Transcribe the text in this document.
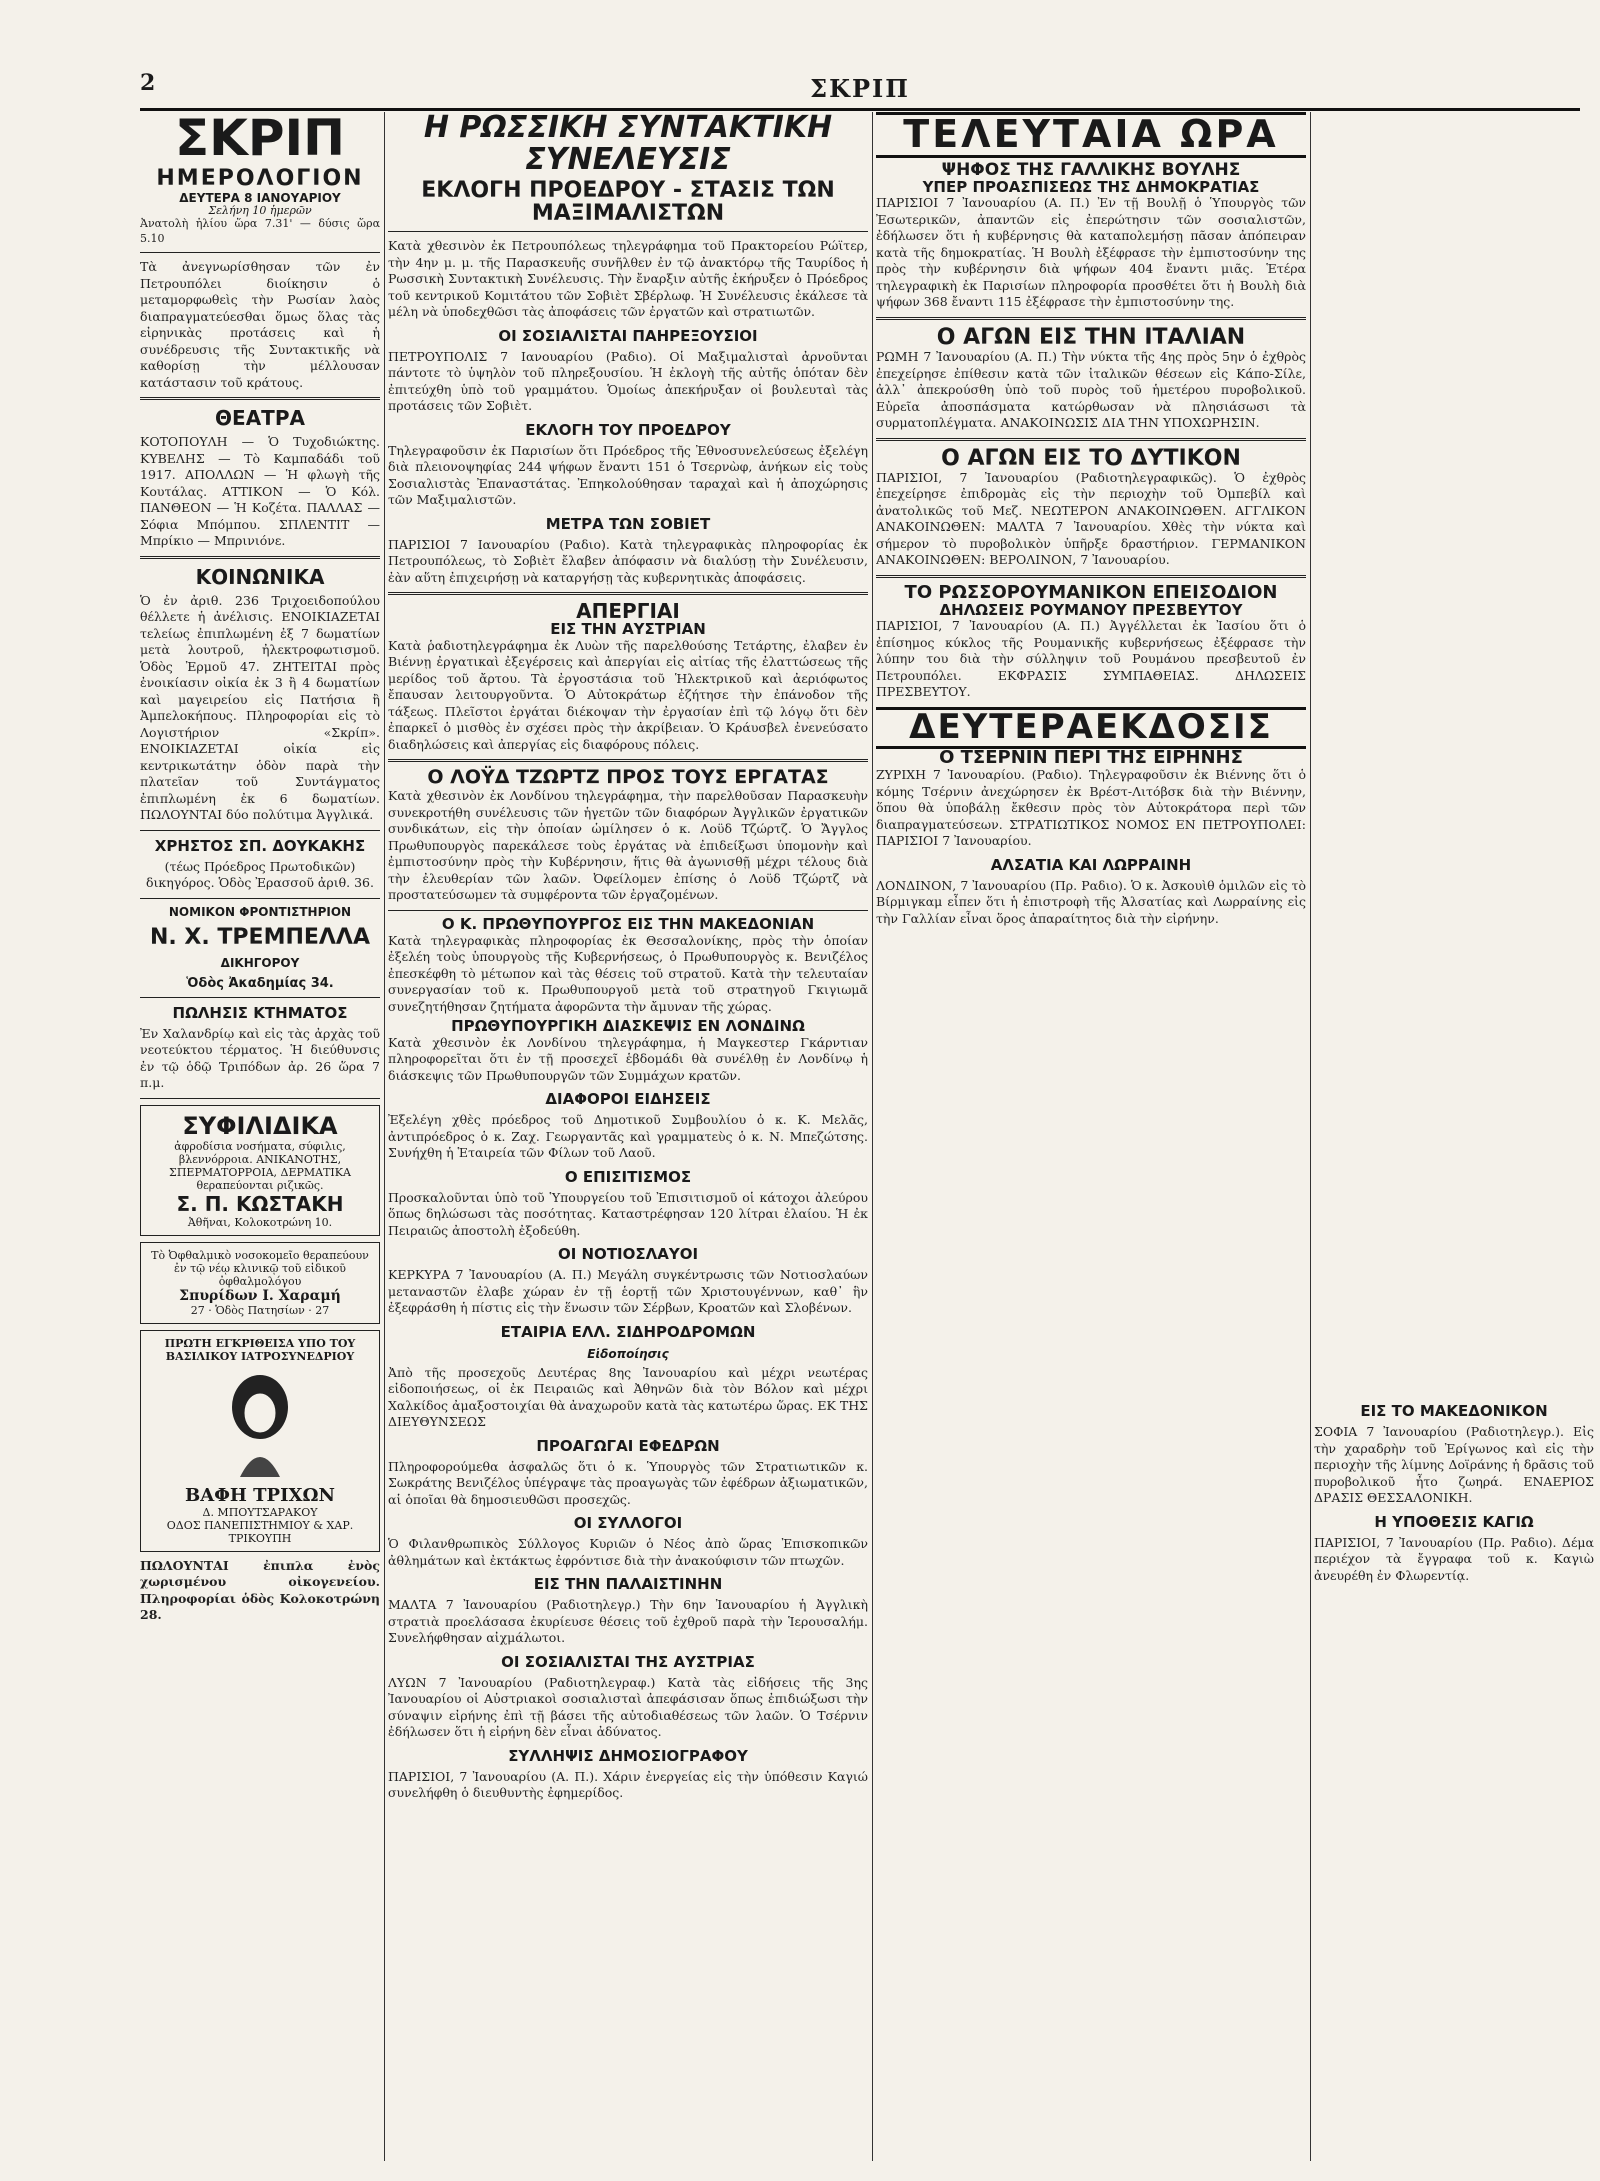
2	ΣΚΡΙΠ
ΣΚΡΙΠ
ΗΜΕΡΟΛΟΓΙΟΝ
ΔΕΥΤΕΡΑ 8 ΙΑΝΟΥΑΡΙΟΥ
Σελήνη 10 ἡμερῶν
Ἀνατολὴ ἡλίου ὥρα 7.31' — δύσις ὥρα 5.10
Τὰ ἀνεγνωρίσθησαν τῶν ἐν Πετρουπόλει διοίκησιν ὁ μεταμορφωθεὶς τὴν Ρωσίαν λαὸς διαπραγματεύεσθαι ὅμως ὅλας τὰς εἰρηνικὰς προτάσεις καὶ ἡ συνέδρευσις τῆς Συντακτικῆς νὰ καθορίσῃ τὴν μέλλουσαν κατάστασιν τοῦ κράτους.
ΘΕΑΤΡΑ
ΚΟΤΟΠΟΥΛΗ — Ὁ Τυχοδιώκτης. ΚΥΒΕΛΗΣ — Τὸ Καμπαδάδι τοῦ 1917. ΑΠΟΛΛΩΝ — Ἡ φλωγὴ τῆς Κουτάλας. ΑΤΤΙΚΟΝ — Ὁ Κόλ. ΠΑΝΘΕΟΝ — Ἡ Κοζέτα. ΠΑΛΛΑΣ — Σόφια Μπόμπου. ΣΠΛΕΝΤΙΤ — Μπρίκιο — Μπρινιόνε.
ΚΟΙΝΩΝΙΚΑ
Ὁ ἐν ἀριθ. 236 Τριχοειδοπούλου θέλλετε ἡ ἀνέλισις. ΕΝΟΙΚΙΑΖΕΤΑΙ τελείως ἐπιπλωμένη ἐξ 7 δωματίων μετὰ λουτροῦ, ἠλεκτροφωτισμοῦ. Ὁδὸς Ἐρμοῦ 47. ΖΗΤΕΙΤΑΙ πρὸς ἐνοικίασιν οἰκία ἐκ 3 ἢ 4 δωματίων καὶ μαγειρείου εἰς Πατήσια ἢ Ἀμπελοκήπους. Πληροφορίαι εἰς τὸ Λογιστήριον «Σκρίπ». ΕΝΟΙΚΙΑΖΕΤΑΙ οἰκία εἰς κεντρικωτάτην ὁδὸν παρὰ τὴν πλατεῖαν τοῦ Συντάγματος ἐπιπλωμένη ἐκ 6 δωματίων. ΠΩΛΟΥΝΤΑΙ δύο πολύτιμα Ἀγγλικά.
ΧΡΗΣΤΟΣ ΣΠ. ΔΟΥΚΑΚΗΣ
(τέως Πρόεδρος Πρωτοδικῶν) δικηγόρος. Ὁδὸς Ἐρασσοῦ ἀριθ. 36.
ΝΟΜΙΚΟΝ ΦΡΟΝΤΙΣΤΗΡΙΟΝ
Ν. Χ. ΤΡΕΜΠΕΛΛΑ
ΔΙΚΗΓΟΡΟΥ
Ὁδὸς Ἀκαδημίας 34.
ΠΩΛΗΣΙΣ ΚΤΗΜΑΤΟΣ
Ἐν Χαλανδρίῳ καὶ εἰς τὰς ἀρχὰς τοῦ νεοτεύκτου τέρματος. Ἡ διεύθυνσις ἐν τῷ ὁδῷ Τριπόδων ἀρ. 26 ὥρα 7 π.μ.
ΣΥΦΙΛΙΔΙΚΑ
ἀφροδίσια νοσήματα, σύφιλις, βλεννόρροια. ΑΝΙΚΑΝΟΤΗΣ, ΣΠΕΡΜΑΤΟΡΡΟΙΑ, ΔΕΡΜΑΤΙΚΑ θεραπεύονται ριζικῶς.
Σ. Π. ΚΩΣΤΑΚΗ
Ἀθῆναι, Κολοκοτρώνη 10.
Τὸ Ὀφθαλμικὸ νοσοκομεῖο θεραπεύουν ἐν τῷ νέῳ κλινικῷ τοῦ εἰδικοῦ ὀφθαλμολόγου
Σπυρίδων Ι. Χαραμή
27 · Ὁδὸς Πατησίων · 27
ΠΡΩΤΗ ΕΓΚΡΙΘΕΙΣΑ ΥΠΟ ΤΟΥ ΒΑΣΙΛΙΚΟΥ ΙΑΤΡΟΣΥΝΕΔΡΙΟΥ
ΒΑΦΗ ΤΡΙΧΩΝ
Δ. ΜΠΟΥΤΣΑΡΑΚΟΥ
ΟΔΟΣ ΠΑΝΕΠΙΣΤΗΜΙΟΥ & ΧΑΡ. ΤΡΙΚΟΥΠΗ
ΠΩΛΟΥΝΤΑΙ ἐπιπλα ἐνὸς χωρισμένου οἰκογενείου. Πληροφορίαι ὁδὸς Κολοκοτρώνη 28.
Η ΡΩΣΣΙΚΗ ΣΥΝΤΑΚΤΙΚΗ ΣΥΝΕΛΕΥΣΙΣ
ΕΚΛΟΓΗ ΠΡΟΕΔΡΟΥ - ΣΤΑΣΙΣ ΤΩΝ ΜΑΞΙΜΑΛΙΣΤΩΝ
Κατὰ χθεσινὸν ἐκ Πετρουπόλεως τηλεγράφημα τοῦ Πρακτορείου Ρώϊτερ, τὴν 4ην μ. μ. τῆς Παρασκευῆς συνῆλθεν ἐν τῷ ἀνακτόρῳ τῆς Ταυρίδος ἡ Ρωσσικὴ Συντακτικὴ Συνέλευσις. Τὴν ἔναρξιν αὐτῆς ἐκήρυξεν ὁ Πρόεδρος τοῦ κεντρικοῦ Κομιτάτου τῶν Σοβιὲτ Σβέρλωφ. Ἡ Συνέλευσις ἐκάλεσε τὰ μέλη νὰ ὑποδεχθῶσι τὰς ἀποφάσεις τῶν ἐργατῶν καὶ στρατιωτῶν.
ΟΙ ΣΟΣΙΑΛΙΣΤΑΙ ΠΑΗΡΕΞΟΥΣΙΟΙ
ΠΕΤΡΟΥΠΟΛΙΣ 7 Ιανουαρίου (Ραδιο). Οἱ Μαξιμαλισταὶ ἀρνοῦνται πάντοτε τὸ ὑψηλὸν τοῦ πληρεξουσίου. Ἡ ἐκλογὴ τῆς αὐτῆς ὁπόταν δὲν ἐπιτεύχθη ὑπὸ τοῦ γραμμάτου. Ὁμοίως ἀπεκήρυξαν οἱ βουλευταὶ τὰς προτάσεις τῶν Σοβιὲτ.
ΕΚΛΟΓΗ ΤΟΥ ΠΡΟΕΔΡΟΥ
Τηλεγραφοῦσιν ἐκ Παρισίων ὅτι Πρόεδρος τῆς Ἐθνοσυνελεύσεως ἐξελέγη διὰ πλειονοψηφίας 244 ψήφων ἔναντι 151 ὁ Τσερνὼφ, ἀνήκων εἰς τοὺς Σοσιαλιστὰς Ἐπαναστάτας. Ἐπηκολούθησαν ταραχαὶ καὶ ἡ ἀποχώρησις τῶν Μαξιμαλιστῶν.
ΜΕΤΡΑ ΤΩΝ ΣΟΒΙΕΤ
ΠΑΡΙΣΙΟΙ 7 Ιανουαρίου (Ραδιο). Κατὰ τηλεγραφικὰς πληροφορίας ἐκ Πετρουπόλεως, τὸ Σοβιὲτ ἔλαβεν ἀπόφασιν νὰ διαλύσῃ τὴν Συνέλευσιν, ἐὰν αὕτη ἐπιχειρήσῃ νὰ καταργήσῃ τὰς κυβερνητικὰς ἀποφάσεις.
ΑΠΕΡΓΙΑΙ
ΕΙΣ ΤΗΝ ΑΥΣΤΡΙΑΝ
Κατὰ ῥαδιοτηλεγράφημα ἐκ Λυὼν τῆς παρελθούσης Τετάρτης, ἐλαβεν ἐν Βιέννῃ ἐργατικαὶ ἐξεγέρσεις καὶ ἀπεργίαι εἰς αἰτίας τῆς ἐλαττώσεως τῆς μερίδος τοῦ ἄρτου. Τὰ ἐργοστάσια τοῦ Ἡλεκτρικοῦ καὶ ἀεριόφωτος ἔπαυσαν λειτουργοῦντα. Ὁ Αὐτοκράτωρ ἐζήτησε τὴν ἐπάνοδον τῆς τάξεως. Πλεῖστοι ἐργάται διέκοψαν τὴν ἐργασίαν ἐπὶ τῷ λόγῳ ὅτι δὲν ἐπαρκεῖ ὁ μισθὸς ἐν σχέσει πρὸς τὴν ἀκρίβειαν. Ὁ Κράυσβελ ἐνενεύσατο διαδηλώσεις καὶ ἀπεργίας εἰς διαφόρους πόλεις.
Ο ΛΟΫΔ ΤΖΩΡΤΖ ΠΡΟΣ ΤΟΥΣ ΕΡΓΑΤΑΣ
Κατὰ χθεσινὸν ἐκ Λονδίνου τηλεγράφημα, τὴν παρελθοῦσαν Παρασκευὴν συνεκροτήθη συνέλευσις τῶν ἡγετῶν τῶν διαφόρων Ἀγγλικῶν ἐργατικῶν συνδικάτων, εἰς τὴν ὁποίαν ὡμίλησεν ὁ κ. Λοϋδ Τζώρτζ. Ὁ Ἄγγλος Πρωθυπουργὸς παρεκάλεσε τοὺς ἐργάτας νὰ ἐπιδείξωσι ὑπομονὴν καὶ ἐμπιστοσύνην πρὸς τὴν Κυβέρνησιν, ἥτις θὰ ἀγωνισθῇ μέχρι τέλους διὰ τὴν ἐλευθερίαν τῶν λαῶν. Ὀφείλομεν ἐπίσης ὁ Λοϋδ Τζώρτζ νὰ προστατεύσωμεν τὰ συμφέροντα τῶν ἐργαζομένων.
Ο Κ. ΠΡΩΘΥΠΟΥΡΓΟΣ ΕΙΣ ΤΗΝ ΜΑΚΕΔΟΝΙΑΝ
Κατὰ τηλεγραφικὰς πληροφορίας ἐκ Θεσσαλονίκης, πρὸς τὴν ὁποίαν ἐξελέη τοὺς ὑπουργοὺς τῆς Κυβερνήσεως, ὁ Πρωθυπουργὸς κ. Βενιζέλος ἐπεσκέφθη τὸ μέτωπον καὶ τὰς θέσεις τοῦ στρατοῦ. Κατὰ τὴν τελευταίαν συνεργασίαν τοῦ κ. Πρωθυπουργοῦ μετὰ τοῦ στρατηγοῦ Γκιγιωμᾶ συνεζητήθησαν ζητήματα ἀφορῶντα τὴν ἄμυναν τῆς χώρας.
ΠΡΩΘΥΠΟΥΡΓΙΚΗ ΔΙΑΣΚΕΨΙΣ ΕΝ ΛΟΝΔΙΝΩ
Κατὰ χθεσινὸν ἐκ Λονδίνου τηλεγράφημα, ἡ Μαγκεστερ Γκάρντιαν πληροφορεῖται ὅτι ἐν τῇ προσεχεῖ ἑβδομάδι θὰ συνέλθῃ ἐν Λονδίνῳ ἡ διάσκεψις τῶν Πρωθυπουργῶν τῶν Συμμάχων κρατῶν.
ΔΙΑΦΟΡΟΙ ΕΙΔΗΣΕΙΣ
Ἐξελέγη χθὲς πρόεδρος τοῦ Δημοτικοῦ Συμβουλίου ὁ κ. Κ. Μελᾶς, ἀντιπρόεδρος ὁ κ. Ζαχ. Γεωργαντᾶς καὶ γραμματεὺς ὁ κ. Ν. Μπεζώτσης. Συνήχθη ἡ Ἑταιρεία τῶν Φίλων τοῦ Λαοῦ.
Ο ΕΠΙΣΙΤΙΣΜΟΣ
Προσκαλοῦνται ὑπὸ τοῦ Ὑπουργείου τοῦ Ἐπισιτισμοῦ οἱ κάτοχοι ἀλεύρου ὅπως δηλώσωσι τὰς ποσότητας. Καταστρέφησαν 120 λίτραι ἐλαίου. Ἡ ἐκ Πειραιῶς ἀποστολὴ ἐξοδεύθη.
ΟΙ ΝΟΤΙΟΣΛΑΥΟΙ
ΚΕΡΚΥΡΑ 7 Ἰανουαρίου (Α. Π.) Μεγάλη συγκέντρωσις τῶν Νοτιοσλαύων μεταναστῶν ἐλαβε χώραν ἐν τῇ ἑορτῇ τῶν Χριστουγέννων, καθ᾽ ἣν ἐξεφράσθη ἡ πίστις εἰς τὴν ἕνωσιν τῶν Σέρβων, Κροατῶν καὶ Σλοβένων.
ΕΤΑΙΡΙΑ ΕΛΛ. ΣΙΔΗΡΟΔΡΟΜΩΝ
Εἰδοποίησις
Ἀπὸ τῆς προσεχοῦς Δευτέρας 8ης Ἰανουαρίου καὶ μέχρι νεωτέρας εἰδοποιήσεως, οἱ ἐκ Πειραιῶς καὶ Ἀθηνῶν διὰ τὸν Βόλον καὶ μέχρι Χαλκίδος ἀμαξοστοιχίαι θὰ ἀναχωροῦν κατὰ τὰς κατωτέρω ὥρας. ΕΚ ΤΗΣ ΔΙΕΥΘΥΝΣΕΩΣ
ΠΡΟΑΓΩΓΑΙ ΕΦΕΔΡΩΝ
Πληροφορούμεθα ἀσφαλῶς ὅτι ὁ κ. Ὑπουργὸς τῶν Στρατιωτικῶν κ. Σωκράτης Βενιζέλος ὑπέγραψε τὰς προαγωγὰς τῶν ἐφέδρων ἀξιωματικῶν, αἱ ὁποῖαι θὰ δημοσιευθῶσι προσεχῶς.
ΟΙ ΣΥΛΛΟΓΟΙ
Ὁ Φιλανθρωπικὸς Σύλλογος Κυριῶν ὁ Νέος ἀπὸ ὥρας Ἐπισκοπικῶν ἀθλημάτων καὶ ἐκτάκτως ἐφρόντισε διὰ τὴν ἀνακούφισιν τῶν πτωχῶν.
ΕΙΣ ΤΗΝ ΠΑΛΑΙΣΤΙΝΗΝ
ΜΑΛΤΑ 7 Ἰανουαρίου (Ραδιοτηλεγρ.) Τὴν 6ην Ἰανουαρίου ἡ Ἀγγλικὴ στρατιὰ προελάσασα ἐκυρίευσε θέσεις τοῦ ἐχθροῦ παρὰ τὴν Ἱερουσαλήμ. Συνελήφθησαν αἰχμάλωτοι.
ΟΙ ΣΟΣΙΑΛΙΣΤΑΙ ΤΗΣ ΑΥΣΤΡΙΑΣ
ΛΥΩΝ 7 Ἰανουαρίου (Ραδιοτηλεγραφ.) Κατὰ τὰς εἰδήσεις τῆς 3ης Ἰανουαρίου οἱ Αὐστριακοὶ σοσιαλισταὶ ἀπεφάσισαν ὅπως ἐπιδιώξωσι τὴν σύναψιν εἰρήνης ἐπὶ τῇ βάσει τῆς αὐτοδιαθέσεως τῶν λαῶν. Ὁ Τσέρνιν ἐδήλωσεν ὅτι ἡ εἰρήνη δὲν εἶναι ἀδύνατος.
ΣΥΛΛΗΨΙΣ ΔΗΜΟΣΙΟΓΡΑΦΟΥ
ΠΑΡΙΣΙΟΙ, 7 Ἰανουαρίου (Α. Π.). Χάριν ἐνεργείας εἰς τὴν ὑπόθεσιν Καγιώ συνελήφθη ὁ διευθυντὴς ἐφημερίδος.
ΤΕΛΕΥΤΑΙΑ ΩΡΑ
ΨΗΦΟΣ ΤΗΣ ΓΑΛΛΙΚΗΣ ΒΟΥΛΗΣ
ΥΠΕΡ ΠΡΟΑΣΠΙΣΕΩΣ ΤΗΣ ΔΗΜΟΚΡΑΤΙΑΣ
ΠΑΡΙΣΙΟΙ 7 Ἰανουαρίου (Α. Π.) Ἐν τῇ Βουλῇ ὁ Ὑπουργὸς τῶν Ἐσωτερικῶν, ἀπαντῶν εἰς ἐπερώτησιν τῶν σοσιαλιστῶν, ἐδήλωσεν ὅτι ἡ κυβέρνησις θὰ καταπολεμήσῃ πᾶσαν ἀπόπειραν κατὰ τῆς δημοκρατίας. Ἡ Βουλὴ ἐξέφρασε τὴν ἐμπιστοσύνην της πρὸς τὴν κυβέρνησιν διὰ ψήφων 404 ἔναντι μιᾶς. Ἑτέρα τηλεγραφικὴ ἐκ Παρισίων πληροφορία προσθέτει ὅτι ἡ Βουλὴ διὰ ψήφων 368 ἔναντι 115 ἐξέφρασε τὴν ἐμπιστοσύνην της.
Ο ΑΓΩΝ ΕΙΣ ΤΗΝ ΙΤΑΛΙΑΝ
ΡΩΜΗ 7 Ἰανουαρίου (Α. Π.) Τὴν νύκτα τῆς 4ης πρὸς 5ην ὁ ἐχθρὸς ἐπεχείρησε ἐπίθεσιν κατὰ τῶν ἰταλικῶν θέσεων εἰς Κάπο-Σίλε, ἀλλ᾽ ἀπεκρούσθη ὑπὸ τοῦ πυρὸς τοῦ ἡμετέρου πυροβολικοῦ. Εὐρεῖα ἀποσπάσματα κατώρθωσαν νὰ πλησιάσωσι τὰ συρματοπλέγματα. ΑΝΑΚΟΙΝΩΣΙΣ ΔΙΑ ΤΗΝ ΥΠΟΧΩΡΗΣΙΝ.
Ο ΑΓΩΝ ΕΙΣ ΤΟ ΔΥΤΙΚΟΝ
ΠΑΡΙΣΙΟΙ, 7 Ἰανουαρίου (Ραδιοτηλεγραφικῶς). Ὁ ἐχθρὸς ἐπεχείρησε ἐπιδρομὰς εἰς τὴν περιοχὴν τοῦ Ὀμπεβίλ καὶ ἀνατολικῶς τοῦ Μεζ. ΝΕΩΤΕΡΟΝ ΑΝΑΚΟΙΝΩΘΕΝ. ΑΓΓΛΙΚΟΝ ΑΝΑΚΟΙΝΩΘΕΝ: ΜΑΛΤΑ 7 Ἰανουαρίου. Χθὲς τὴν νύκτα καὶ σήμερον τὸ πυροβολικὸν ὑπῆρξε δραστήριον. ΓΕΡΜΑΝΙΚΟΝ ΑΝΑΚΟΙΝΩΘΕΝ: ΒΕΡΟΛΙΝΟΝ, 7 Ἰανουαρίου.
ΤΟ ΡΩΣΣΟΡΟΥΜΑΝΙΚΟΝ ΕΠΕΙΣΟΔΙΟΝ
ΔΗΛΩΣΕΙΣ ΡΟΥΜΑΝΟΥ ΠΡΕΣΒΕΥΤΟΥ
ΠΑΡΙΣΙΟΙ, 7 Ἰανουαρίου (Α. Π.) Ἀγγέλλεται ἐκ Ἰασίου ὅτι ὁ ἐπίσημος κύκλος τῆς Ρουμανικῆς κυβερνήσεως ἐξέφρασε τὴν λύπην του διὰ τὴν σύλληψιν τοῦ Ρουμάνου πρεσβευτοῦ ἐν Πετρουπόλει. ΕΚΦΡΑΣΙΣ ΣΥΜΠΑΘΕΙΑΣ. ΔΗΛΩΣΕΙΣ ΠΡΕΣΒΕΥΤΟΥ.
ΔΕΥΤΕΡΑΕΚΔΟΣΙΣ
Ο ΤΣΕΡΝΙΝ ΠΕΡΙ ΤΗΣ ΕΙΡΗΝΗΣ
ΖΥΡΙΧΗ 7 Ἰανουαρίου. (Ραδιο). Τηλεγραφοῦσιν ἐκ Βιέννης ὅτι ὁ κόμης Τσέρνιν ἀνεχώρησεν ἐκ Βρέστ-Λιτόβσκ διὰ τὴν Βιέννην, ὅπου θὰ ὑποβάλῃ ἔκθεσιν πρὸς τὸν Αὐτοκράτορα περὶ τῶν διαπραγματεύσεων. ΣΤΡΑΤΙΩΤΙΚΟΣ ΝΟΜΟΣ ΕΝ ΠΕΤΡΟΥΠΟΛΕΙ: ΠΑΡΙΣΙΟΙ 7 Ἰανουαρίου.
ΑΛΣΑΤΙΑ ΚΑΙ ΛΩΡΡΑΙΝΗ
ΛΟΝΔΙΝΟΝ, 7 Ἰανουαρίου (Πρ. Ραδιο). Ὁ κ. Ἀσκουὶθ ὁμιλῶν εἰς τὸ Βίρμιγκαμ εἶπεν ὅτι ἡ ἐπιστροφὴ τῆς Ἀλσατίας καὶ Λωρραίνης εἰς τὴν Γαλλίαν εἶναι ὅρος ἀπαραίτητος διὰ τὴν εἰρήνην.
ΕΙΣ ΤΟ ΜΑΚΕΔΟΝΙΚΟΝ
ΣΟΦΙΑ 7 Ἰανουαρίου (Ραδιοτηλεγρ.). Εἰς τὴν χαραδρὴν τοῦ Ἐρίγωνος καὶ εἰς τὴν περιοχὴν τῆς λίμνης Δοϊράνης ἡ δρᾶσις τοῦ πυροβολικοῦ ἦτο ζωηρά. ΕΝΑΕΡΙΟΣ ΔΡΑΣΙΣ ΘΕΣΣΑΛΟΝΙΚΗ.
Η ΥΠΟΘΕΣΙΣ ΚΑΓΙΩ
ΠΑΡΙΣΙΟΙ, 7 Ἰανουαρίου (Πρ. Ραδιο). Δέμα περιέχον τὰ ἔγγραφα τοῦ κ. Καγιὼ ἀνευρέθη ἐν Φλωρεντίᾳ.
